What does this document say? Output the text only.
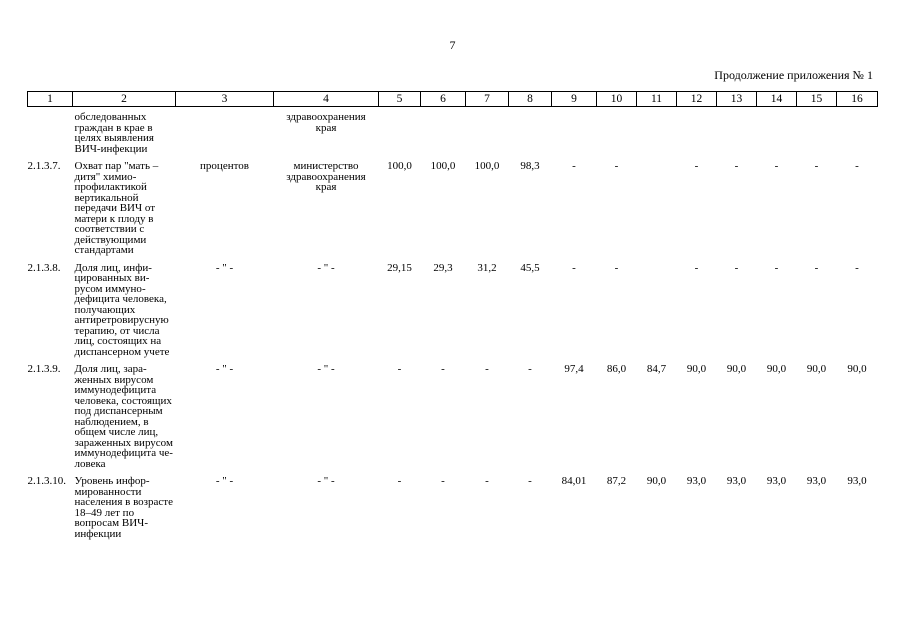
7
Продолжение приложения № 1
1	2	3	4	5	6	7	8	9	10	11	12	13	14	15	16
	обследованных граждан в крае в целях выявления ВИЧ-инфекции		здравоохранения края												
2.1.3.7.	Охват пар "мать – дитя" химиопрофилактикой вертикальной передачи ВИЧ от матери к плоду в соответствии с действующими стандартами	процентов	министерство здравоохранения края	100,0	100,0	100,0	98,3	-	-		-	-	-	-	-
2.1.3.8.	Доля лиц, инфицированных вирусом иммунодефицита человека, получающих антиретровирусную терапию, от числа лиц, состоящих на диспансерном учете	- " -	- " -	29,15	29,3	31,2	45,5	-	-		-	-	-	-	-
2.1.3.9.	Доля лиц, зараженных вирусом иммунодефицита человека, состоящих под диспансерным наблюдением, в общем числе лиц, зараженных вирусом иммунодефицита человека	- " -	- " -	-	-	-	-	97,4	86,0	84,7	90,0	90,0	90,0	90,0	90,0
2.1.3.10.	Уровень информированности населения в возрасте 18–49 лет по вопросам ВИЧ-инфекции	- " -	- " -	-	-	-	-	84,01	87,2	90,0	93,0	93,0	93,0	93,0	93,0
